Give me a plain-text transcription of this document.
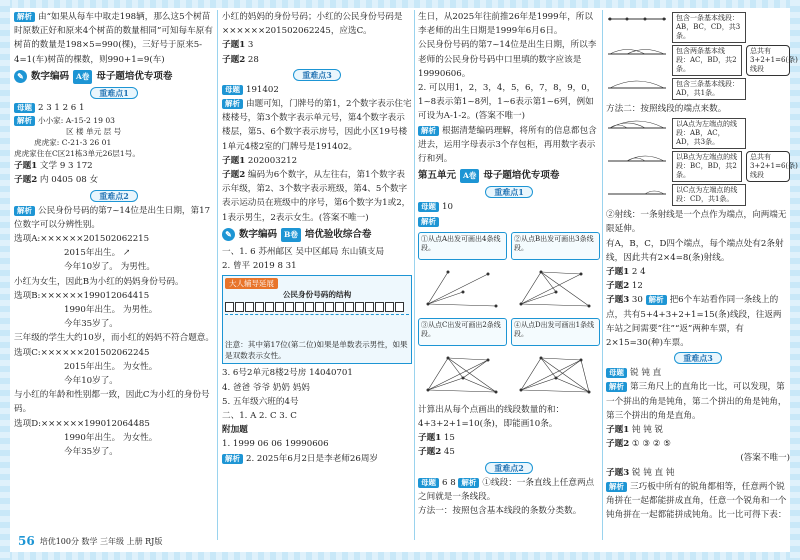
解析 由“如果从每车中取走198辆，那么这5个树苗时原数正好和原来4个树苗的数量相同”可知每车原有树苗的数量是198×5=990(棵)，三好号于原来5-4=1(车)树苗的棵数，则990+1=9(车)
✎ 数字编码 A卷 母子题培优专项卷
重难点1
母题 2 3 1 2 6 1
解析 小小家: A-15-2 19 03
区 楼 单元 层 号
虎虎家: C-21-3 26 01
虎虎家住在C区21栋3单元26层1号。
子题1 文学 9 3 172
子题2 内 0405 08 女
重难点2
解析 公民身份号码的第7~14位是出生日期，第17位数字可以分辨性别。
选项A:××××××20150206​2215
2015年出生。 ↗
今年10岁了。 为男性。
小红为女生，因此B为小红的妈妈身份号码。
选项B:××××××19901206​4415
1990年出生。 为男性。
今年35岁了。
三年级的学生大约10岁，而小红的妈妈不符合题意。
选项C:××××××20150206​2245
2015年出生。 为女性。
今年10岁了。
与小红的年龄和性别都一致，因此C为小红的身份号码。
选项D:××××××19901206​4485
1990年出生。 为女性。
今年35岁了。
56 培优100分 数学 三年级 上册 RJ版
小红的妈妈的身份号码；小红的公民身份号码是××××××20150206​2245，应选C。
子题1 3
子题2 28
重难点3
母题 191402
解析 由题可知，门牌号的第1，2个数字表示住宅楼楼号，第3个数字表示单元号，第4个数字表示楼层，第5、6个数字表示房号，因此小区19号楼1单元4楼2室的门牌号是191402。
子题1 202003212
子题2 编码为6个数字，从左往右，第1个数字表示年级，第2、3个数字表示班级，第4、5个数字表示运动员在班级中的序号，第6个数字为1或2，1表示男生，2表示女生。(答案不唯一)
✎ 数字编码 B卷 培优验收综合卷
一、1. 6 苏州邮区 吴中区邮局 东山镇支局
2. 曾平 2019 8 31
大人辅导延展
公民身份号码的结构
注意：其中第17位(第二位)如果是单数表示男性，如果是双数表示女性。
3. 6号2单元8楼2号房 14040701
4. 爸爸 爷爷 奶奶 妈妈
5. 五年级六班的4号
二、1. A 2. C 3. C
附加题
1. 1999 06 06 19990606
解析 2. 2025年6月2日是李老师26周岁
生日，从2025年往前推26年是1999年，所以李老师的出生日期是1999年6月6日。
公民身份号码的第7~14位是出生日期，所以李老师的公民身份号码中口里填的数字应该是19990606。
2. 可以用1，2，3，4，5，6，7，8，9，0，1~8表示第1~8列，1~6表示第1~6列，例如可设为A-1-2。(答案不唯一)
解析 根据清楚编码理解，将所有的信息都包含进去，运用字母表示3个存包柜，再用数字表示行和列。
第五单元 A卷 母子题培优专项卷
重难点1
母题 10
解析
①从点A出发可画出4条线段。
②从点B出发可画出3条线段。
③从点C出发可画出2条线段。
④从点D出发可画出1条线段。
计算出从每个点画出的线段数量的和：4+3+2+1=10(条)，即能画10条。
子题1 15
子题2 45
重难点2
母题 6 8 解析 ①线段：一条直线上任意两点之间就是一条线段。
方法一：按照包含基本线段的条数分类数。
包含一条基本线段：AB，BC，CD，共3条。
包含两条基本线段：AC，BD，共2条。
总共有3+2+1=6(条)线段
包含三条基本线段：AD，共1条。
方法二：按照线段的端点来数。
以A点为左端点的线段：AB，AC，AD，共3条。
以B点为左端点的线段：BC，BD，共2条。
总共有3+2+1=6(条)线段
以C点为左端点的线段：CD，共1条。
②射线：一条射线是一个点作为端点，向两端无限延伸。
有A，B，C，D四个端点，每个端点处有2条射线，因此共有2×4=8(条)射线。
子题1 2 4
子题2 12
子题3 30 解析 把6个车站看作同一条线上的点，共有5+4+3+2+1=15(条)线段，往返两车站之间需要“往”“返”两种车票，有2×15=30(种)车票。
重难点3
母题 锐 钝 直
解析 第三角尺上的直角比一比，可以发现，第一个拼出的角是钝角，第二个拼出的角是钝角，第三个拼出的角是直角。
子题1 钝 钝 锐
子题2 ① ③ ② ⑤
(答案不唯一)
子题3 锐 钝 直 钝
解析 三巧板中所有的锐角都相等，任意两个锐角拼在一起都能拼成直角，任意一个锐角和一个钝角拼在一起都能拼成钝角。比一比可得下表：
